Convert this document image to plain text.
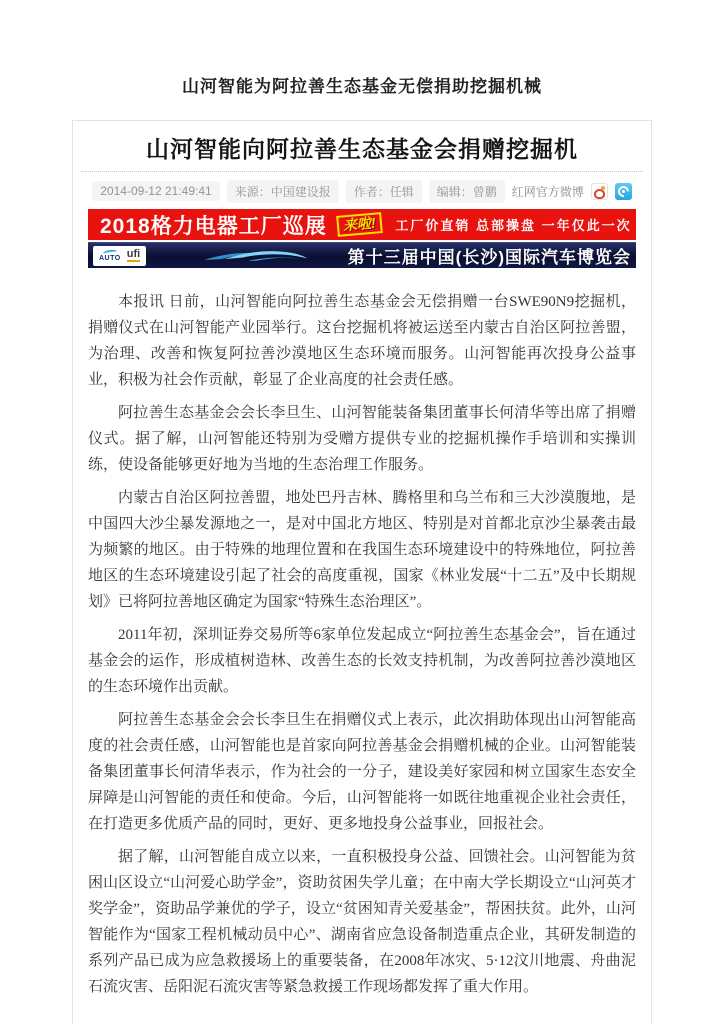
山河智能为阿拉善生态基金无偿捐助挖掘机械
山河智能向阿拉善生态基金会捐赠挖掘机
2014-09-12 21:49:41	来源：中国建设报	作者：任辑	编辑：曾鹏	红网官方微博
2018格力电器工厂巡展	来啦!	工厂价直销 总部操盘 一年仅此一次
AUTO ufi	第十三届中国(长沙)国际汽车博览会

本报讯 日前，山河智能向阿拉善生态基金会无偿捐赠一台SWE90N9挖掘机，捐赠仪式在山河智能产业园举行。这台挖掘机将被运送至内蒙古自治区阿拉善盟，为治理、改善和恢复阿拉善沙漠地区生态环境而服务。山河智能再次投身公益事业，积极为社会作贡献，彰显了企业高度的社会责任感。

阿拉善生态基金会会长李旦生、山河智能装备集团董事长何清华等出席了捐赠仪式。据了解，山河智能还特别为受赠方提供专业的挖掘机操作手培训和实操训练，使设备能够更好地为当地的生态治理工作服务。

内蒙古自治区阿拉善盟，地处巴丹吉林、腾格里和乌兰布和三大沙漠腹地，是中国四大沙尘暴发源地之一，是对中国北方地区、特别是对首都北京沙尘暴袭击最为频繁的地区。由于特殊的地理位置和在我国生态环境建设中的特殊地位，阿拉善地区的生态环境建设引起了社会的高度重视，国家《林业发展“十二五”及中长期规划》已将阿拉善地区确定为国家“特殊生态治理区”。

2011年初，深圳证券交易所等6家单位发起成立“阿拉善生态基金会”，旨在通过基金会的运作，形成植树造林、改善生态的长效支持机制，为改善阿拉善沙漠地区的生态环境作出贡献。

阿拉善生态基金会会长李旦生在捐赠仪式上表示，此次捐助体现出山河智能高度的社会责任感，山河智能也是首家向阿拉善基金会捐赠机械的企业。山河智能装备集团董事长何清华表示，作为社会的一分子，建设美好家园和树立国家生态安全屏障是山河智能的责任和使命。今后，山河智能将一如既往地重视企业社会责任，在打造更多优质产品的同时，更好、更多地投身公益事业，回报社会。

据了解，山河智能自成立以来，一直积极投身公益、回馈社会。山河智能为贫困山区设立“山河爱心助学金”，资助贫困失学儿童；在中南大学长期设立“山河英才奖学金”，资助品学兼优的学子，设立“贫困知青关爱基金”，帮困扶贫。此外，山河智能作为“国家工程机械动员中心”、湖南省应急设备制造重点企业，其研发制造的系列产品已成为应急救援场上的重要装备，在2008年冰灾、5·12汶川地震、舟曲泥石流灾害、岳阳泥石流灾害等紧急救援工作现场都发挥了重大作用。
